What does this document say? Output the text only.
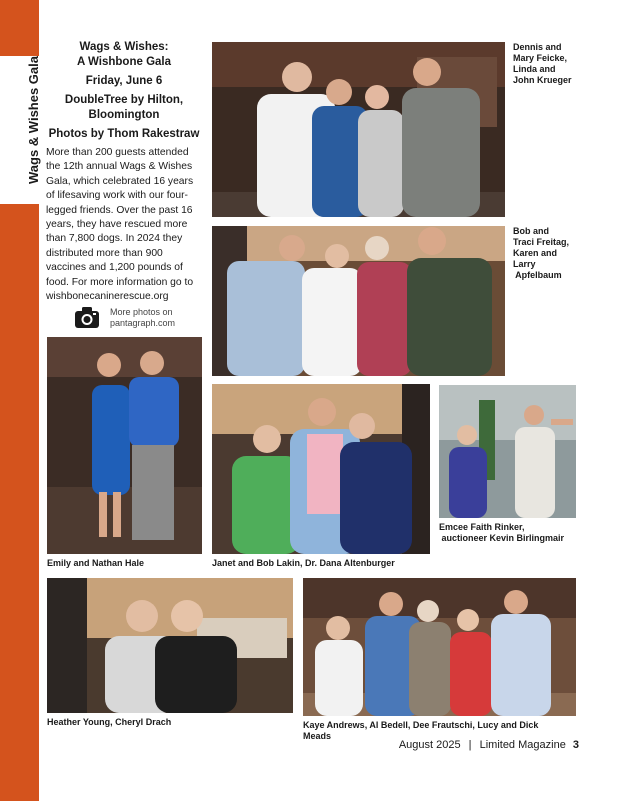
Wags & Wishes Gala
Wags & Wishes:
A Wishbone Gala
Friday, June 6
DoubleTree by Hilton,
Bloomington
Photos by Thom Rakestraw

More than 200 guests attended the 12th annual Wags & Wishes Gala, which celebrated 16 years of lifesaving work with our four-legged friends. Over the past 16 years, they have rescued more than 7,800 dogs. In 2024 they distributed more than 900 vaccines and 1,200 pounds of food. For more information go to wishbonecaninerescue.org

More photos on
pantagraph.com
Dennis and
Mary Feicke,
Linda and
John Krueger
Bob and
Traci Freitag,
Karen and
Larry
Apfelbaum
Emily and Nathan Hale	Janet and Bob Lakin, Dr. Dana Altenburger
Emcee Faith Rinker,
auctioneer Kevin Birlingmair
Heather Young, Cheryl Drach	Kaye Andrews, Al Bedell, Dee Frautschi, Lucy and Dick
Meads
August 2025 | Limited Magazine 3
